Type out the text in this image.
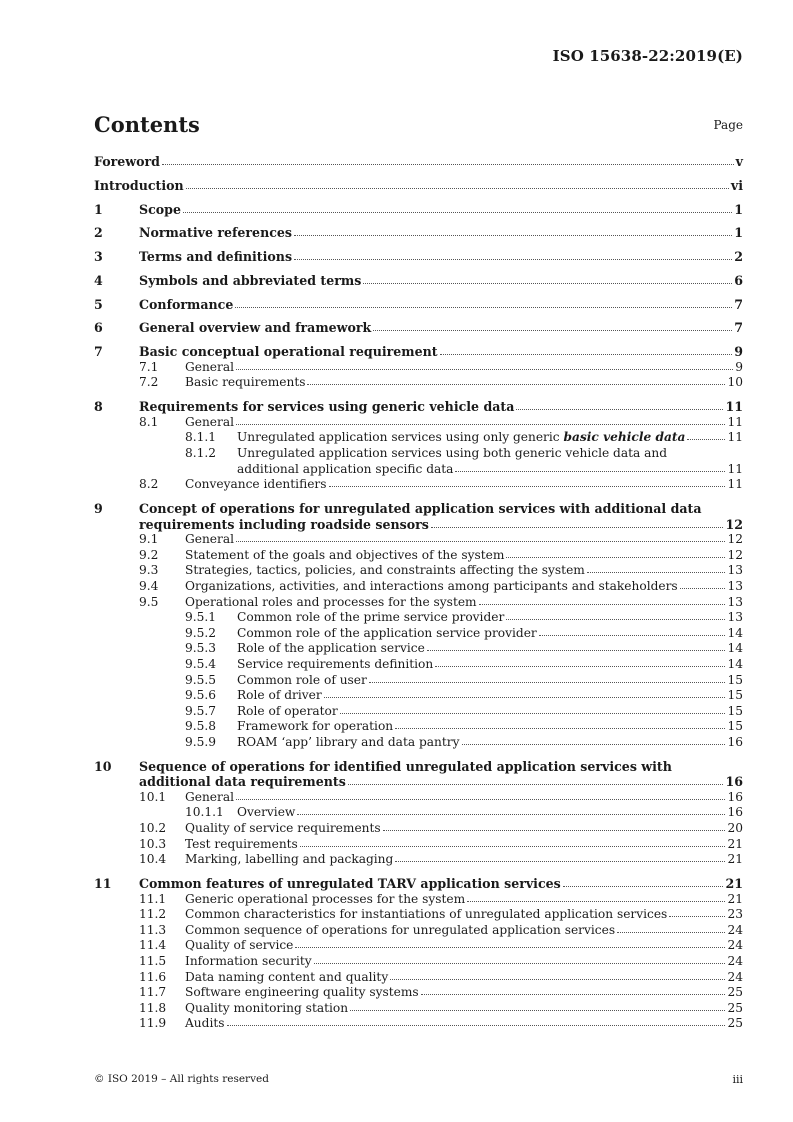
ISO 15638-22:2019(E)
Contents	Page
Foreword	v
Introduction	vi
1	Scope	1
2	Normative references	1
3	Terms and definitions	2
4	Symbols and abbreviated terms	6
5	Conformance	7
6	General overview and framework	7
7	Basic conceptual operational requirement	9
7.1	General	9
7.2	Basic requirements	10
8	Requirements for services using generic vehicle data	11
8.1	General	11
8.1.1	Unregulated application services using only generic basic vehicle data	11
8.1.2	Unregulated application services using both generic vehicle data and
additional application specific data	11
8.2	Conveyance identifiers	11
9	Concept of operations for unregulated application services with additional data
requirements including roadside sensors	12
9.1	General	12
9.2	Statement of the goals and objectives of the system	12
9.3	Strategies, tactics, policies, and constraints affecting the system	13
9.4	Organizations, activities, and interactions among participants and stakeholders	13
9.5	Operational roles and processes for the system	13
9.5.1	Common role of the prime service provider	13
9.5.2	Common role of the application service provider	14
9.5.3	Role of the application service	14
9.5.4	Service requirements definition	14
9.5.5	Common role of user	15
9.5.6	Role of driver	15
9.5.7	Role of operator	15
9.5.8	Framework for operation	15
9.5.9	ROAM ‘app’ library and data pantry	16
10	Sequence of operations for identified unregulated application services with
additional data requirements	16
10.1	General	16
10.1.1	Overview	16
10.2	Quality of service requirements	20
10.3	Test requirements	21
10.4	Marking, labelling and packaging	21
11	Common features of unregulated TARV application services	21
11.1	Generic operational processes for the system	21
11.2	Common characteristics for instantiations of unregulated application services	23
11.3	Common sequence of operations for unregulated application services	24
11.4	Quality of service	24
11.5	Information security	24
11.6	Data naming content and quality	24
11.7	Software engineering quality systems	25
11.8	Quality monitoring station	25
11.9	Audits	25
© ISO 2019 – All rights reserved	iii
